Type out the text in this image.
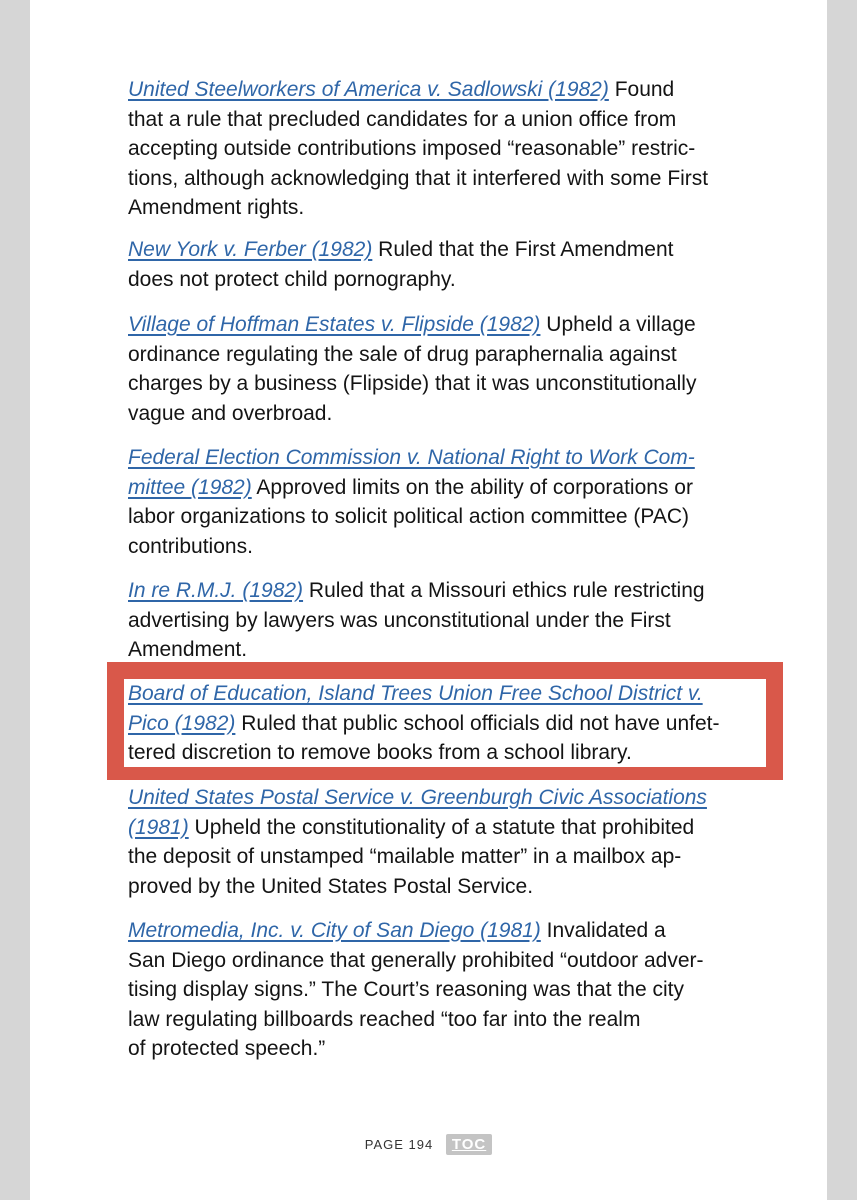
United Steelworkers of America v. Sadlowski (1982) Found
that a rule that precluded candidates for a union office from
accepting outside contributions imposed “reasonable” restric-
tions, although acknowledging that it interfered with some First
Amendment rights.
New York v. Ferber (1982) Ruled that the First Amendment
does not protect child pornography.
Village of Hoffman Estates v. Flipside (1982) Upheld a village
ordinance regulating the sale of drug paraphernalia against
charges by a business (Flipside) that it was unconstitutionally
vague and overbroad.
Federal Election Commission v. National Right to Work Com-
mittee (1982) Approved limits on the ability of corporations or
labor organizations to solicit political action committee (PAC)
contributions.
In re R.M.J. (1982) Ruled that a Missouri ethics rule restricting
advertising by lawyers was unconstitutional under the First
Amendment.
Board of Education, Island Trees Union Free School District v.
Pico (1982) Ruled that public school officials did not have unfet-
tered discretion to remove books from a school library.
United States Postal Service v. Greenburgh Civic Associations
(1981) Upheld the constitutionality of a statute that prohibited
the deposit of unstamped “mailable matter” in a mailbox ap-
proved by the United States Postal Service.
Metromedia, Inc. v. City of San Diego (1981) Invalidated a
San Diego ordinance that generally prohibited “outdoor adver-
tising display signs.” The Court’s reasoning was that the city
law regulating billboards reached “too far into the realm
of protected speech.”
PAGE 194 TOC
